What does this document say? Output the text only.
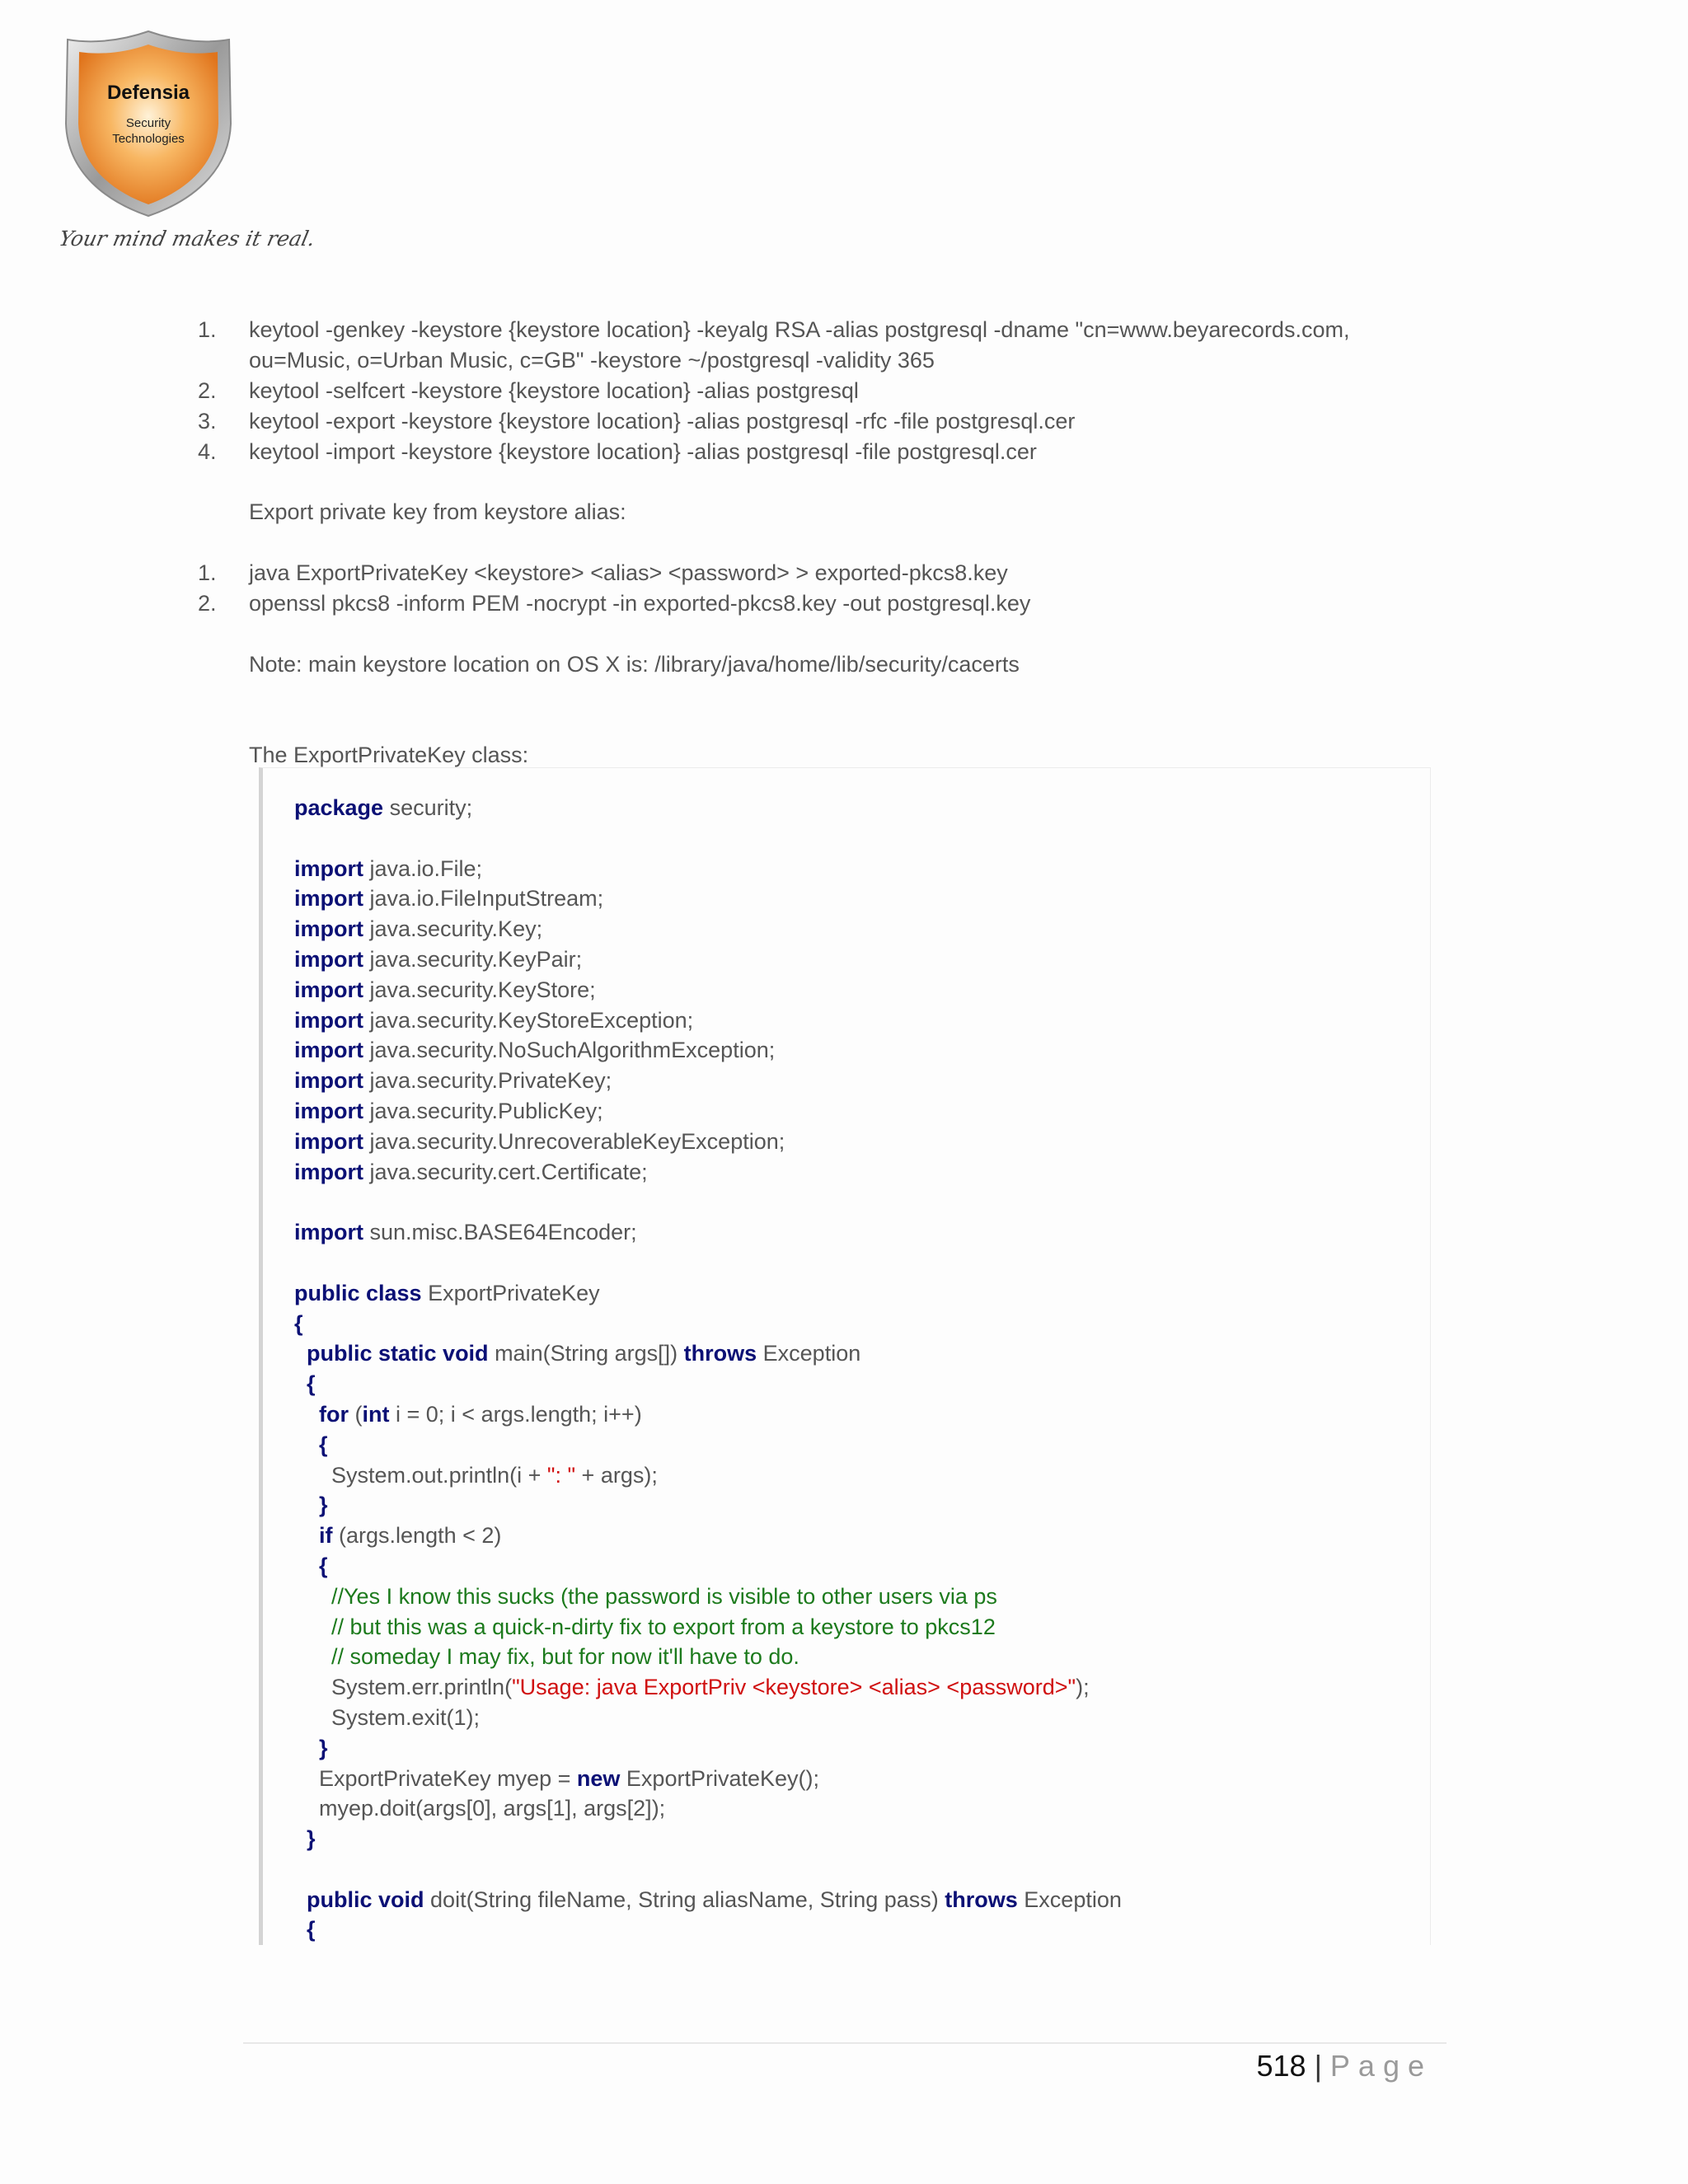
Defensia
Security
Technologies
Your mind makes it real.
1.	keytool -genkey -keystore {keystore location} -keyalg RSA -alias postgresql -dname "cn=www.beyarecords.com,
ou=Music, o=Urban Music, c=GB" -keystore ~/postgresql -validity 365
2.	keytool -selfcert -keystore {keystore location} -alias postgresql
3.	keytool -export -keystore {keystore location} -alias postgresql -rfc -file postgresql.cer
4.	keytool -import -keystore {keystore location} -alias postgresql -file postgresql.cer
Export private key from keystore alias:
1.	java ExportPrivateKey <keystore> <alias> <password> > exported-pkcs8.key
2.	openssl pkcs8 -inform PEM -nocrypt -in exported-pkcs8.key -out postgresql.key
Note: main keystore location on OS X is: /library/java/home/lib/security/cacerts
The ExportPrivateKey class:
package security;
import java.io.File;
import java.io.FileInputStream;
import java.security.Key;
import java.security.KeyPair;
import java.security.KeyStore;
import java.security.KeyStoreException;
import java.security.NoSuchAlgorithmException;
import java.security.PrivateKey;
import java.security.PublicKey;
import java.security.UnrecoverableKeyException;
import java.security.cert.Certificate;
import sun.misc.BASE64Encoder;
public class ExportPrivateKey
{
public static void main(String args[]) throws Exception
{
for (int i = 0; i < args.length; i++)
{
System.out.println(i + ": " + args);
}
if (args.length < 2)
{
//Yes I know this sucks (the password is visible to other users via ps
// but this was a quick-n-dirty fix to export from a keystore to pkcs12
// someday I may fix, but for now it'll have to do.
System.err.println("Usage: java ExportPriv <keystore> <alias> <password>");
System.exit(1);
}
ExportPrivateKey myep = new ExportPrivateKey();
myep.doit(args[0], args[1], args[2]);
}
public void doit(String fileName, String aliasName, String pass) throws Exception
{
518 | Page
